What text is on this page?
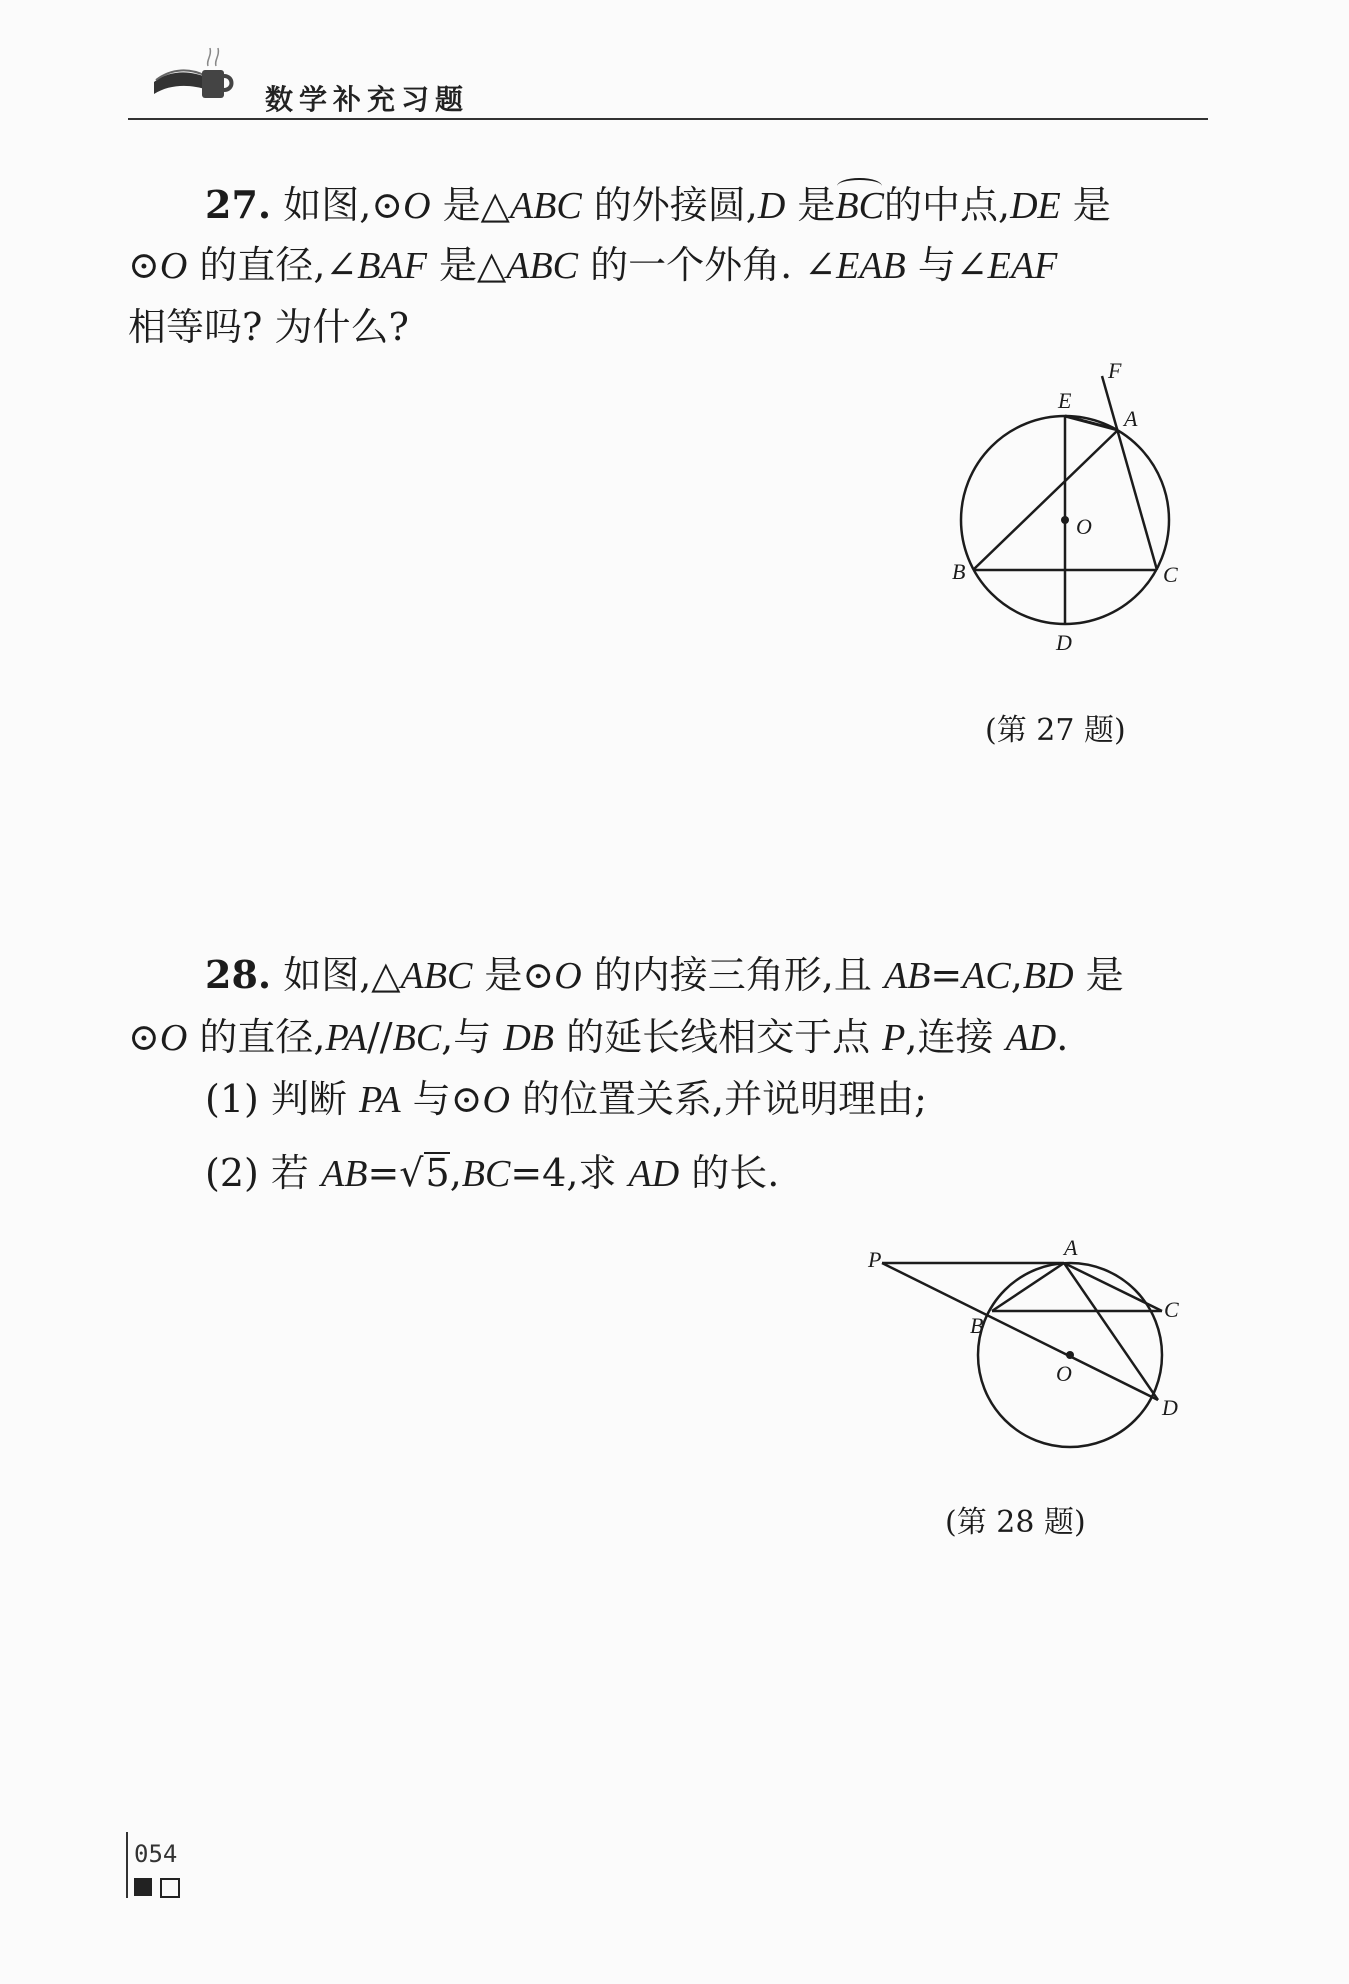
数学补充习题
27. 如图,⊙O 是△ABC 的外接圆,D 是BC的中点,DE 是
⊙O 的直径,∠BAF 是△ABC 的一个外角. ∠EAB 与∠EAF
相等吗? 为什么?
E
F
A
O
B	C
D
(第 27 题)
28. 如图,△ABC 是⊙O 的内接三角形,且 AB=AC,BD 是
⊙O 的直径,PA//BC,与 DB 的延长线相交于点 P,连接 AD.
(1) 判断 PA 与⊙O 的位置关系,并说明理由;
(2) 若 AB=√5,BC=4,求 AD 的长.
P	A
C
B
O
D
(第 28 题)
054
